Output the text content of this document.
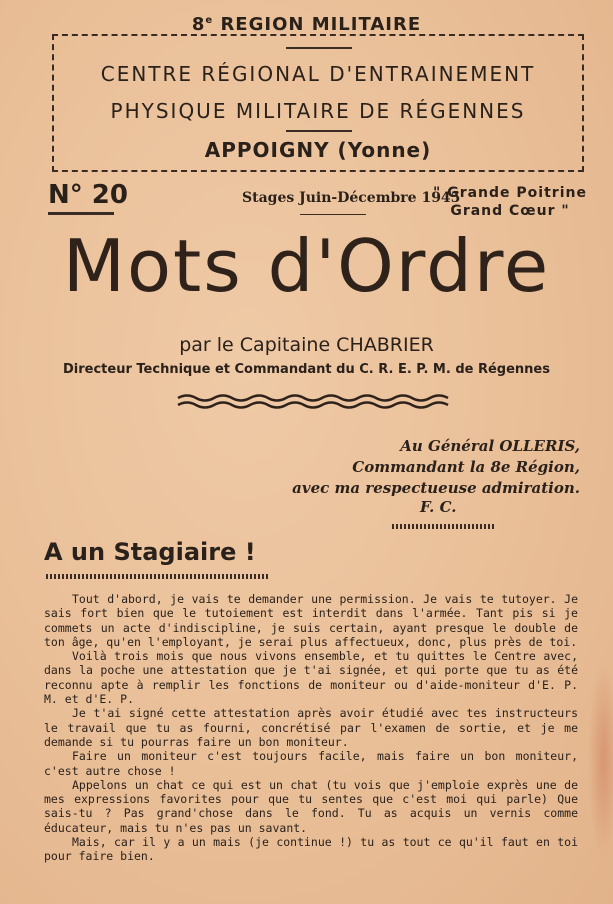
8e REGION MILITAIRE
CENTRE RÉGIONAL D'ENTRAINEMENT
PHYSIQUE MILITAIRE DE RÉGENNES
APPOIGNY (Yonne)
N° 20	Stages Juin-Décembre 1945
" Grande Poitrine
Grand Cœur "
Mots d'Ordre
par le Capitaine CHABRIER
Directeur Technique et Commandant du C. R. E. P. M. de Régennes
Au Général OLLERIS,
Commandant la 8e Région,
avec ma respectueuse admiration.
F. C.
A un Stagiaire !

Tout d'abord, je vais te demander une permission. Je vais te tutoyer. Je sais fort bien que le tutoiement est interdit dans l'armée. Tant pis si je commets un acte d'indiscipline, je suis certain, ayant presque le double de ton âge, qu'en l'employant, je serai plus affectueux, donc, plus près de toi.

Voilà trois mois que nous vivons ensemble, et tu quittes le Centre avec, dans la poche une attestation que je t'ai signée, et qui porte que tu as été reconnu apte à remplir les fonctions de moniteur ou d'aide-moniteur d'E. P. M. et d'E. P.

Je t'ai signé cette attestation après avoir étudié avec tes instructeurs le travail que tu as fourni, concrétisé par l'examen de sortie, et je me demande si tu pourras faire un bon moniteur.

Faire un moniteur c'est toujours facile, mais faire un bon moniteur, c'est autre chose !

Appelons un chat ce qui est un chat (tu vois que j'emploie exprès une de mes expressions favorites pour que tu sentes que c'est moi qui parle) Que sais-tu ? Pas grand'chose dans le fond. Tu as acquis un vernis comme éducateur, mais tu n'es pas un savant.

Mais, car il y a un mais (je continue !) tu as tout ce qu'il faut en toi pour faire bien.
